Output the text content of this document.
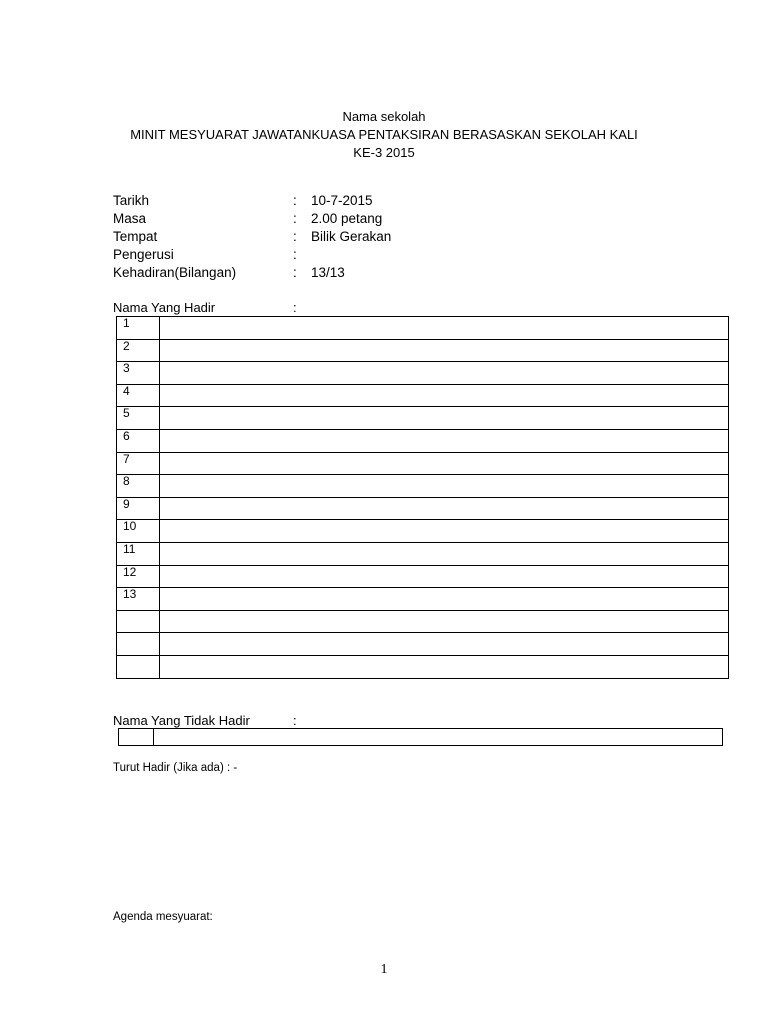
Nama sekolah
MINIT MESYUARAT JAWATANKUASA PENTAKSIRAN BERASASKAN SEKOLAH KALI
KE-3 2015
Tarikh	: 10-7-2015
Masa	: 2.00 petang
Tempat	: Bilik Gerakan
Pengerusi	:
Kehadiran(Bilangan)	: 13/13
Nama Yang Hadir	:
1	
2	
3	
4	
5	
6	
7	
8	
9	
10	
11	
12	
13	

Nama Yang Tidak Hadir	:

Turut Hadir (Jika ada) : -
Agenda mesyuarat:
1
